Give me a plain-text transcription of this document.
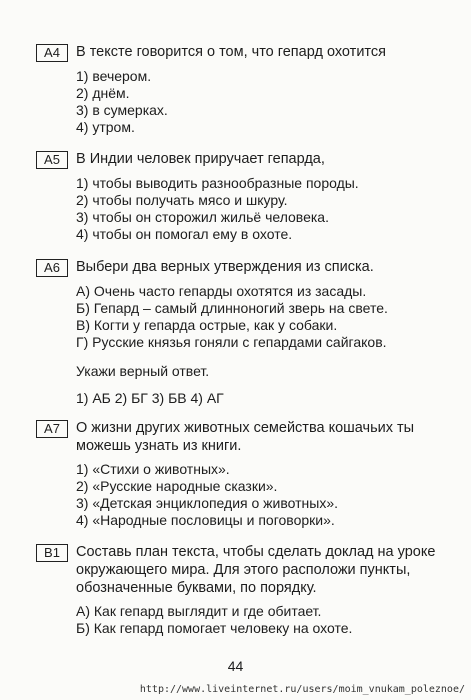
А4	В тексте говорится о том, что гепард охотится
1) вечером.
2) днём.
3) в сумерках.
4) утром.
А5	В Индии человек приручает гепарда,
1) чтобы выводить разнообразные породы.
2) чтобы получать мясо и шкуру.
3) чтобы он сторожил жильё человека.
4) чтобы он помогал ему в охоте.
А6	Выбери два верных утверждения из списка.
А) Очень часто гепарды охотятся из засады.
Б) Гепард – самый длинноногий зверь на свете.
В) Когти у гепарда острые, как у собаки.
Г) Русские князья гоняли с гепардами сайгаков.
Укажи верный ответ.
1) АБ 2) БГ 3) БВ 4) АГ
А7	О жизни других животных семейства кошачьих ты можешь узнать из книги.
1) «Стихи о животных».
2) «Русские народные сказки».
3) «Детская энциклопедия о животных».
4) «Народные пословицы и поговорки».
В1	Составь план текста, чтобы сделать доклад на уроке окружающего мира. Для этого расположи пункты, обозначенные буквами, по порядку.
А) Как гепард выглядит и где обитает.
Б) Как гепард помогает человеку на охоте.
44
http://www.liveinternet.ru/users/moim_vnukam_poleznoe/
